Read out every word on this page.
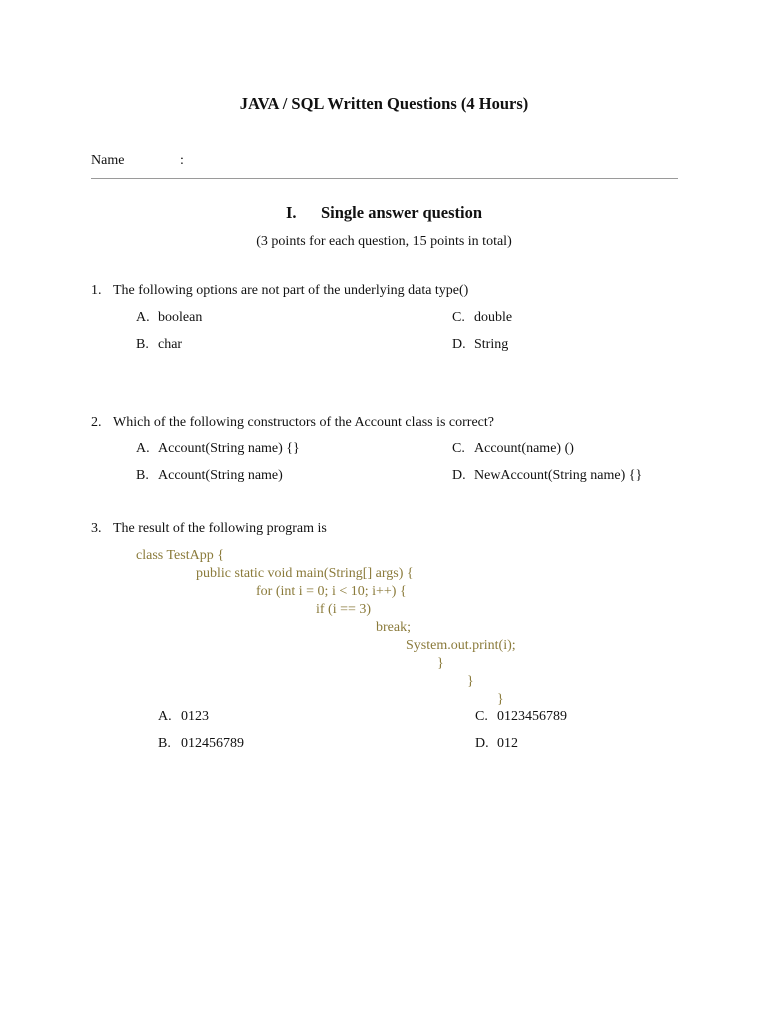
JAVA / SQL Written Questions (4 Hours)
Name	:
I. Single answer question
(3 points for each question, 15 points in total)
1. The following options are not part of the underlying data type()
A. boolean
B. char
C. double
D. String
2. Which of the following constructors of the Account class is correct?
A. Account(String name) {}
B. Account(String name)
C. Account(name) ()
D. NewAccount(String name) {}
3. The result of the following program is
class TestApp {
public static void main(String[] args) {
for (int i = 0; i < 10; i++) {
if (i == 3)
break;
System.out.print(i);
}
}
}
A. 0123
B. 012456789
C. 0123456789
D. 012
